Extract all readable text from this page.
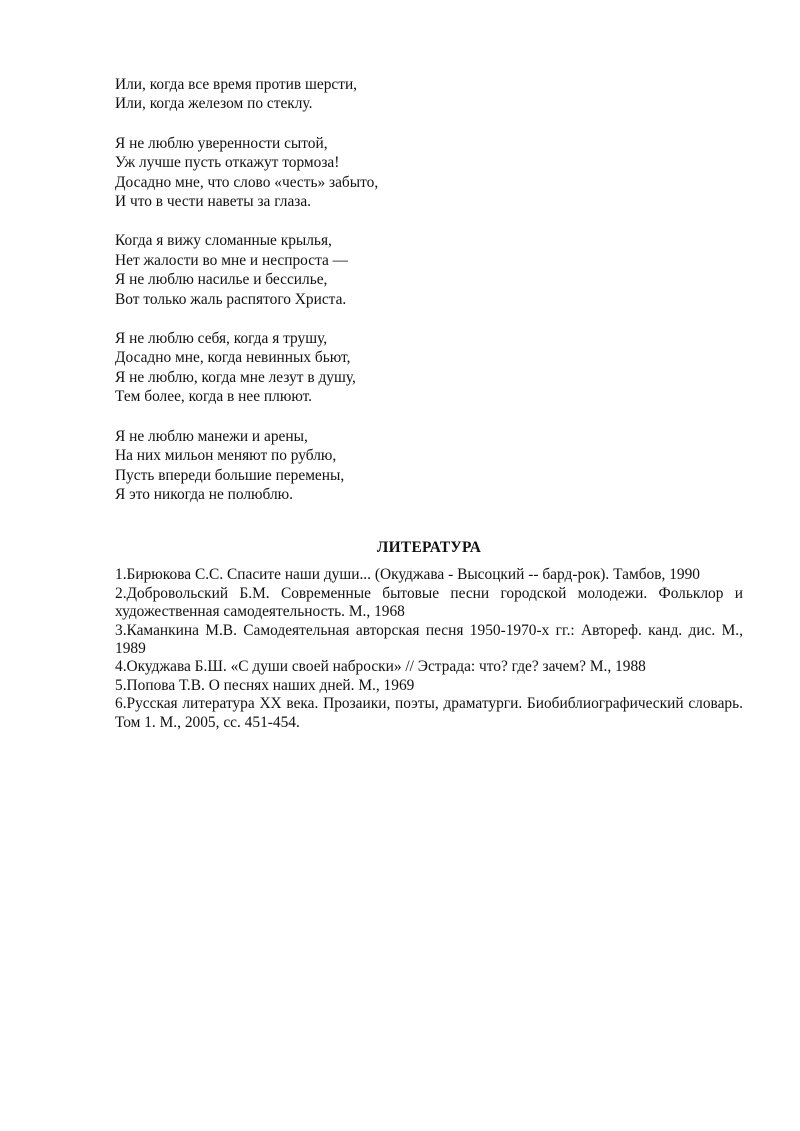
Или, когда все время против шерсти,
Или, когда железом по стеклу.
Я не люблю уверенности сытой,
Уж лучше пусть откажут тормоза!
Досадно мне, что слово «честь» забыто,
И что в чести наветы за глаза.
Когда я вижу сломанные крылья,
Нет жалости во мне и неспроста —
Я не люблю насилье и бессилье,
Вот только жаль распятого Христа.
Я не люблю себя, когда я трушу,
Досадно мне, когда невинных бьют,
Я не люблю, когда мне лезут в душу,
Тем более, когда в нее плюют.
Я не люблю манежи и арены,
На них мильон меняют по рублю,
Пусть впереди большие перемены,
Я это никогда не полюблю.
ЛИТЕРАТУРА
1.Бирюкова С.С. Спасите наши души... (Окуджава - Высоцкий -- бард-рок). Тамбов, 1990
2.Добровольский Б.М. Современные бытовые песни городской молодежи. Фольклор и художественная самодеятельность. М., 1968
3.Каманкина М.В. Самодеятельная авторская песня 1950-1970-х гг.: Автореф. канд. дис. М., 1989
4.Окуджава Б.Ш. «С души своей наброски» // Эстрада: что? где? зачем? М., 1988
5.Попова Т.В. О песнях наших дней. М., 1969
6.Русская литература XX века. Прозаики, поэты, драматурги. Биобиблиографический словарь. Том 1. М., 2005, сс. 451-454.
